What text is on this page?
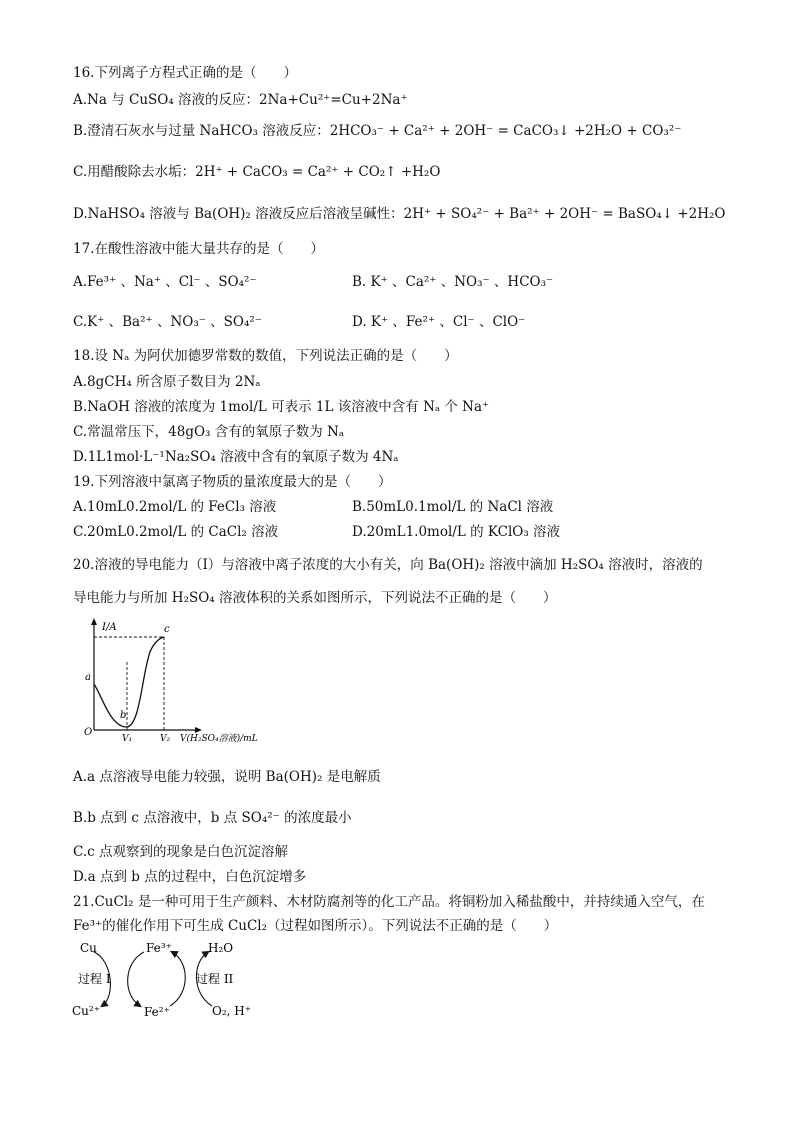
16.下列离子方程式正确的是（　　）
A.Na 与 CuSO₄ 溶液的反应：2Na+Cu²⁺=Cu+2Na⁺
B.澄清石灰水与过量 NaHCO₃ 溶液反应：2HCO₃⁻ + Ca²⁺ + 2OH⁻ = CaCO₃↓ +2H₂O + CO₃²⁻
C.用醋酸除去水垢：2H⁺ + CaCO₃ = Ca²⁺ + CO₂↑ +H₂O
D.NaHSO₄ 溶液与 Ba(OH)₂ 溶液反应后溶液呈碱性：2H⁺ + SO₄²⁻ + Ba²⁺ + 2OH⁻ = BaSO₄↓ +2H₂O
17.在酸性溶液中能大量共存的是（　　）
A.Fe³⁺ 、Na⁺ 、Cl⁻ 、SO₄²⁻	B. K⁺ 、Ca²⁺ 、NO₃⁻ 、HCO₃⁻
C.K⁺ 、Ba²⁺ 、NO₃⁻ 、SO₄²⁻	D. K⁺ 、Fe²⁺ 、Cl⁻ 、ClO⁻
18.设 Nₐ 为阿伏加德罗常数的数值，下列说法正确的是（　　）
A.8gCH₄ 所含原子数目为 2Nₐ
B.NaOH 溶液的浓度为 1mol/L 可表示 1L 该溶液中含有 Nₐ 个 Na⁺
C.常温常压下，48gO₃ 含有的氧原子数为 Nₐ
D.1L1mol·L⁻¹Na₂SO₄ 溶液中含有的氧原子数为 4Nₐ
19.下列溶液中氯离子物质的量浓度最大的是（　　）
A.10mL0.2mol/L 的 FeCl₃ 溶液	B.50mL0.1mol/L 的 NaCl 溶液
C.20mL0.2mol/L 的 CaCl₂ 溶液	D.20mL1.0mol/L 的 KClO₃ 溶液
20.溶液的导电能力（I）与溶液中离子浓度的大小有关，向 Ba(OH)₂ 溶液中滴加 H₂SO₄ 溶液时，溶液的
导电能力与所加 H₂SO₄ 溶液体积的关系如图所示，下列说法不正确的是（　　）
I/A
a
b
c
O
V₁	V₂ V(H₂SO₄溶液)/mL
A.a 点溶液导电能力较强，说明 Ba(OH)₂ 是电解质
B.b 点到 c 点溶液中，b 点 SO₄²⁻ 的浓度最小
C.c 点观察到的现象是白色沉淀溶解
D.a 点到 b 点的过程中，白色沉淀增多
21.CuCl₂ 是一种可用于生产颜料、木材防腐剂等的化工产品。将铜粉加入稀盐酸中，并持续通入空气，在
Fe³⁺的催化作用下可生成 CuCl₂（过程如图所示）。下列说法不正确的是（　　）
Cu
Cu²⁺
Fe³⁺
Fe²⁺
H₂O
O₂, H⁺
过程 I	过程 II
